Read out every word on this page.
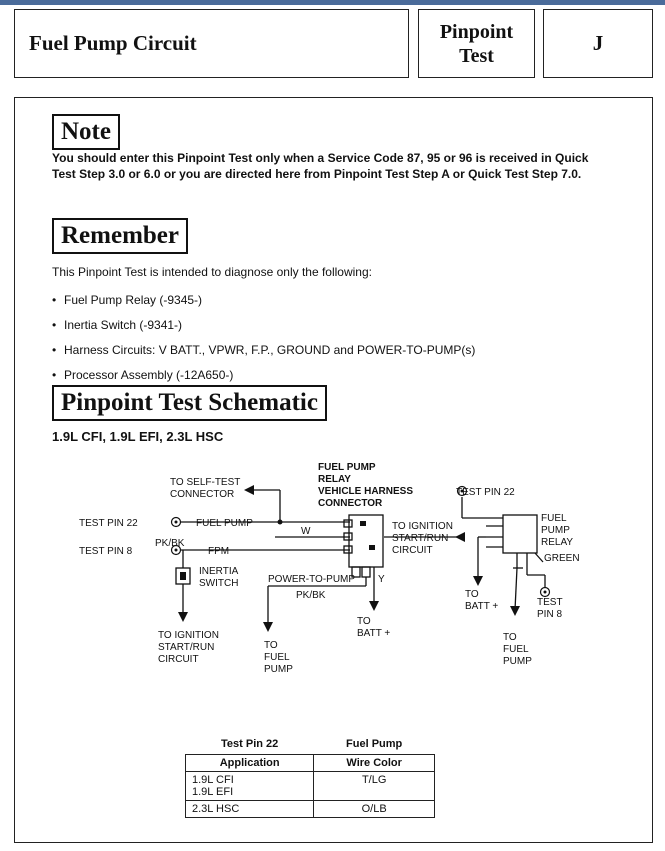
Fuel Pump Circuit	Pinpoint
Test
J
Note
You should enter this Pinpoint Test only when a Service Code 87, 95 or 96 is received in Quick Test Step 3.0 or 6.0 or you are directed here from Pinpoint Test Step A or Quick Test Step 7.0.
Remember
This Pinpoint Test is intended to diagnose only the following:
• Fuel Pump Relay (-9345-)
• Inertia Switch (-9341-)
• Harness Circuits: V BATT., VPWR, F.P., GROUND and POWER-TO-PUMP(s)
• Processor Assembly (-12A650-)
Pinpoint Test Schematic
1.9L CFI, 1.9L EFI, 2.3L HSC
TO SELF-TEST
CONNECTOR
FUEL PUMP
RELAY
VEHICLE HARNESS
CONNECTOR
TEST PIN 22	FUEL PUMP
W
PK/BK
TEST PIN 8	FPM
INERTIA
SWITCH	POWER-TO-PUMP Y
PK/BK
TO IGNITION
START/RUN
CIRCUIT
TO IGNITION
START/RUN
CIRCUIT
TO
FUEL
PUMP
TO
BATT +
TEST PIN 22
FUEL
PUMP
RELAY
GREEN
TO
BATT +	TEST
PIN 8
TO
FUEL
PUMP
Test Pin 22	Fuel Pump
Application	Wire Color

1.9L CFI
1.9L EFI	T/LG

2.3L HSC	O/LB
